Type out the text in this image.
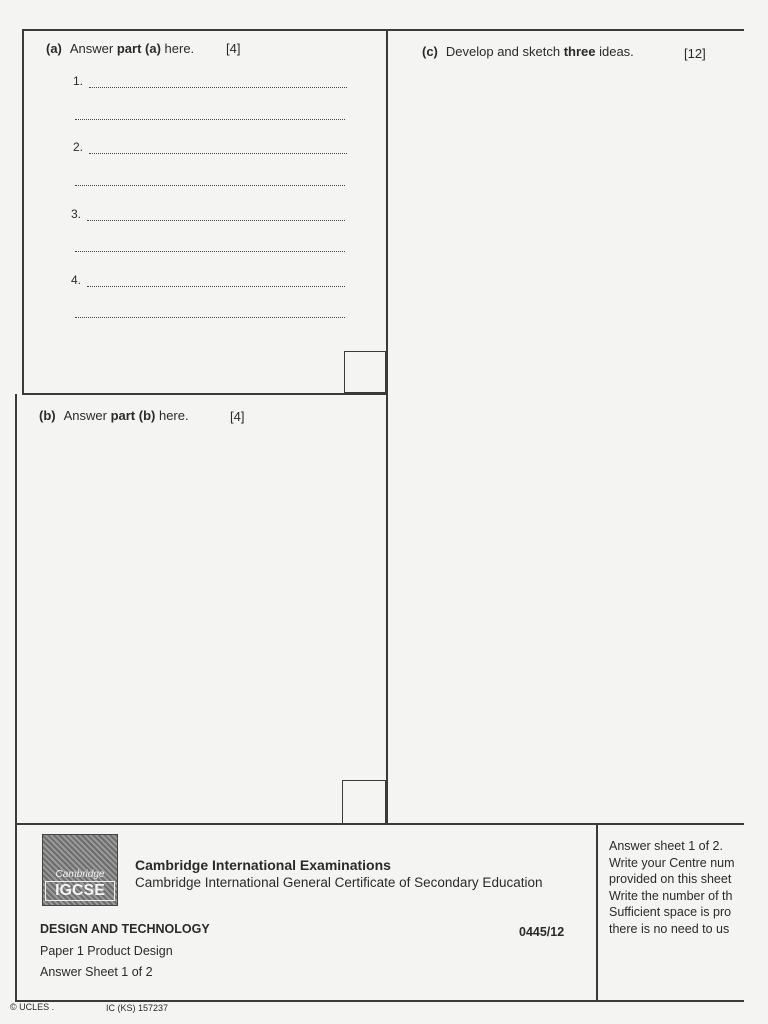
(a) Answer part (a) here. [4]
1.
2.
3.
4.
(b) Answer part (b) here.	[4]
(c) Develop and sketch three ideas.	[12]
Cambridge
IGCSE
Cambridge International Examinations
Cambridge International General Certificate of Secondary Education
DESIGN AND TECHNOLOGY	0445/12
Paper 1 Product Design
Answer Sheet 1 of 2
Answer sheet 1 of 2.
Write your Centre num
provided on this sheet
Write the number of th
Sufficient space is pro
there is no need to us
© UCLES .	IC (KS) 157237
